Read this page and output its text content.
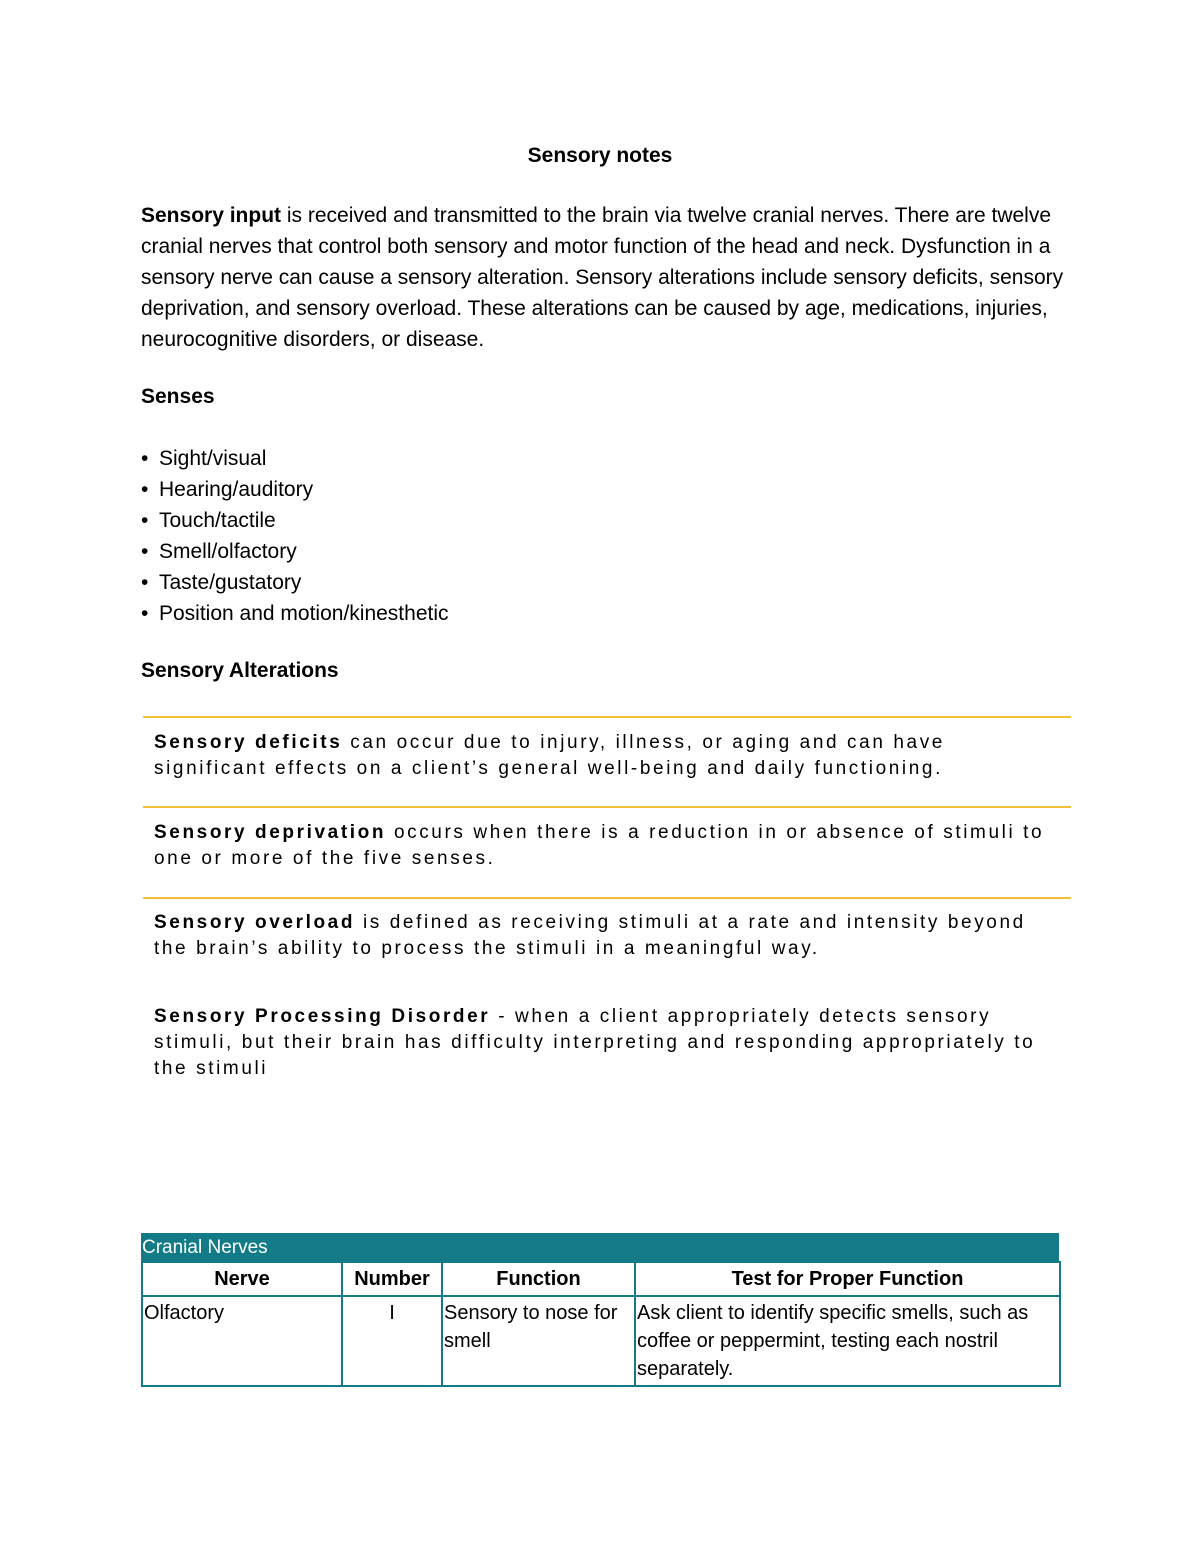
Sensory notes
Sensory input is received and transmitted to the brain via twelve cranial nerves. There are twelve cranial nerves that control both sensory and motor function of the head and neck. Dysfunction in a sensory nerve can cause a sensory alteration. Sensory alterations include sensory deficits, sensory deprivation, and sensory overload. These alterations can be caused by age, medications, injuries, neurocognitive disorders, or disease.
Senses
• Sight/visual
• Hearing/auditory
• Touch/tactile
• Smell/olfactory
• Taste/gustatory
• Position and motion/kinesthetic
Sensory Alterations
Sensory deficits can occur due to injury, illness, or aging and can have significant effects on a client’s general well-being and daily functioning.
Sensory deprivation occurs when there is a reduction in or absence of stimuli to one or more of the five senses.
Sensory overload is defined as receiving stimuli at a rate and intensity beyond the brain’s ability to process the stimuli in a meaningful way.
Sensory Processing Disorder - when a client appropriately detects sensory stimuli, but their brain has difficulty interpreting and responding appropriately to the stimuli
Cranial Nerves
Nerve	Number	Function	Test for Proper Function
Olfactory	I	Sensory to nose for smell	Ask client to identify specific smells, such as coffee or peppermint, testing each nostril separately.
